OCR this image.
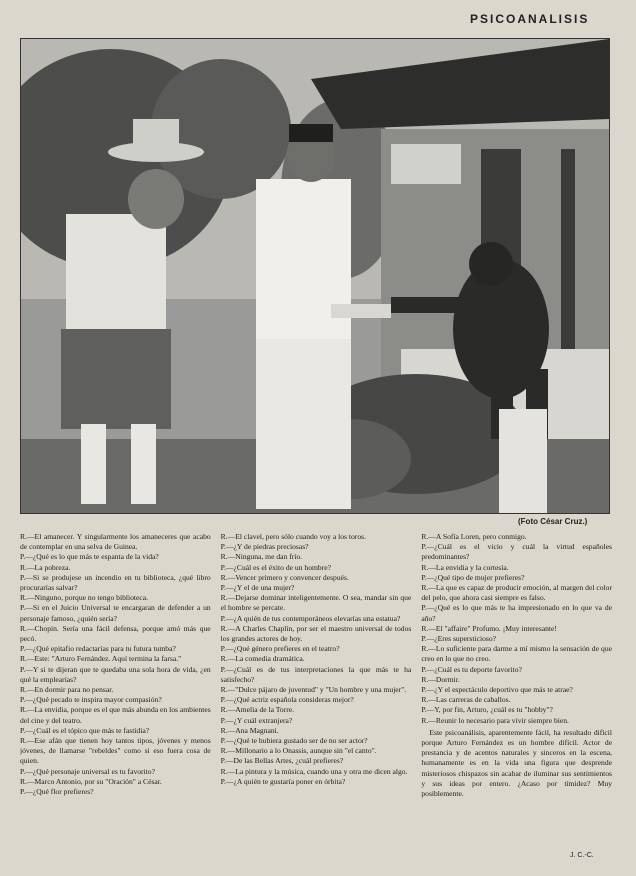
PSICOANALISIS
(Foto César Cruz.)

R.—El amanecer. Y singularmente los amaneceres que acabo de contemplar en una selva de Guinea.

P.—¿Qué es lo que más te espanta de la vida?

R.—La pobreza.

P.—Si se produjese un incendio en tu biblioteca, ¿qué libro procurarías salvar?

R.—Ninguno, porque no tengo biblioteca.

P.—Si en el Juicio Universal te encargaran de defender a un personaje famoso, ¿quién sería?

R.—Chopin. Sería una fácil defensa, porque amó más que pecó.

P.—¿Qué epitafio redactarías para tu futura tumba?

R.—Este: "Arturo Fernández. Aquí termina la farsa."

P.—Y si te dijeran que te quedaba una sola hora de vida, ¿en qué la emplearías?

R.—En dormir para no pensar.

P.—¿Qué pecado te inspira mayor compasión?

R.—La envidia, porque es el que más abunda en los ambientes del cine y del teatro.

P.—¿Cuál es el tópico que más te fastidia?

R.—Ese afán que tienen hoy tantos tipos, jóvenes y menos jóvenes, de llamarse "rebeldes" como si eso fuera cosa de quien.

P.—¿Qué personaje universal es tu favorito?

R.—Marco Antonio, por su "Oración" a César.

P.—¿Qué flor prefieres?

R.—El clavel, pero sólo cuando voy a los toros.

P.—¿Y de piedras preciosas?

R.—Ninguna, me dan frío.

P.—¿Cuál es el éxito de un hombre?

R.—Vencer primero y convencer después.

P.—¿Y el de una mujer?

R.—Dejarse dominar inteligentemente. O sea, mandar sin que el hombre se percate.

P.—¿A quién de tus contemporáneos elevarías una estatua?

R.—A Charles Chaplin, por ser el maestro universal de todos los grandes actores de hoy.

P.—¿Qué género prefieres en el teatro?

R.—La comedia dramática.

P.—¿Cuál es de tus interpretaciones la que más te ha satisfecho?

R.—"Dulce pájaro de juventud" y "Un hombre y una mujer".

P.—¿Qué actriz española consideras mejor?

R.—Amelia de la Torre.

P.—¿Y cuál extranjera?

R.—Ana Magnani.

P.—¿Qué te hubiera gustado ser de no ser actor?

R.—Millonario a lo Onassis, aunque sin "el canto".

P.—De las Bellas Artes, ¿cuál prefieres?

R.—La pintura y la música, cuando una y otra me dicen algo.

P.—¿A quién te gustaría poner en órbita?

R.—A Sofía Loren, pero conmigo.

P.—¿Cuál es el vicio y cuál la virtud españoles predominantes?

R.—La envidia y la cortesía.

P.—¿Qué tipo de mujer prefieres?

R.—La que es capaz de producir emoción, al margen del color del pelo, que ahora casi siempre es falso.

P.—¿Qué es lo que más te ha impresionado en lo que va de año?

R.—El "affaire" Profumo. ¡Muy interesante!

P.—¿Eres supersticioso?

R.—Lo suficiente para darme a mí mismo la sensación de que creo en lo que no creo.

P.—¿Cuál es tu deporte favorito?

R.—Dormir.

P.—¿Y el espectáculo deportivo que más te atrae?

R.—Las carreras de caballos.

P.—Y, por fin, Arturo, ¿cuál es tu "hobby"?

R.—Reunir lo necesario para vivir siempre bien.

Este psicoanálisis, aparentemente fácil, ha resultado difícil porque Arturo Fernández es un hombre difícil. Actor de prestancia y de acentos naturales y sinceros en la escena, humanamente es en la vida una figura que desprende misteriosos chispazos sin acabar de iluminar sus sentimientos y sus ideas por entero. ¿Acaso por tímidez? Muy posiblemente.

J. C.-C.
